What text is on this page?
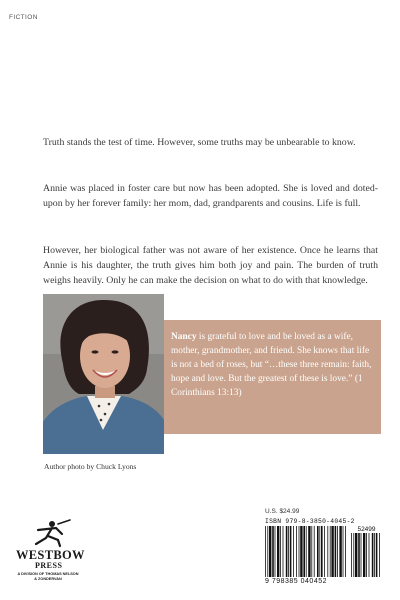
FICTION

Truth stands the test of time. However, some truths may be unbearable to know.

Annie was placed in foster care but now has been adopted. She is loved and doted-upon by her forever family: her mom, dad, grandparents and cousins. Life is full.

However, her biological father was not aware of her existence. Once he learns that Annie is his daughter, the truth gives him both joy and pain. The burden of truth weighs heavily. Only he can make the decision on what to do with that knowledge.

Nancy is grateful to love and be loved as a wife, mother, grandmother, and friend. She knows that life is not a bed of roses, but “…these three remain: faith, hope and love. But the greatest of these is love.” (1 Corinthians 13:13)

Author photo by Chuck Lyons
WESTBOW
PRESS
A DIVISION OF THOMAS NELSON
& ZONDERVAN
U.S. $24.99
ISBN 979-8-3850-4045-2
52499
9 798385 040452
